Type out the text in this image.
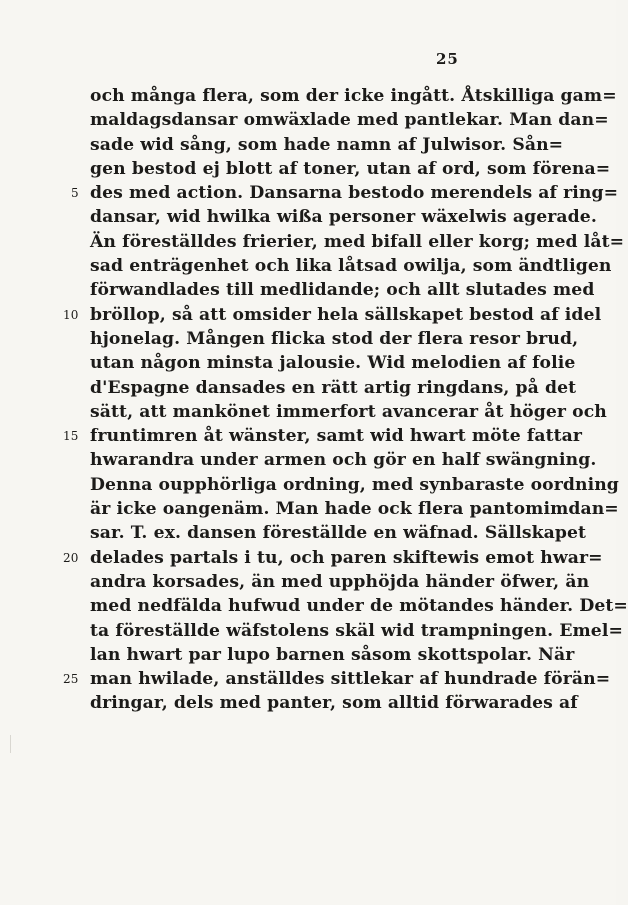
25
och många flera, som der icke ingått. Åtskilliga gam=
maldagsdansar omwäxlade med pantlekar. Man dan=
sade wid sång, som hade namn af Julwisor. Sån=
gen bestod ej blott af toner, utan af ord, som förena=
5 des med action. Dansarna bestodo merendels af ring=
dansar, wid hwilka wißa personer wäxelwis agerade.
Än föreställdes frierier, med bifall eller korg; med låt=
sad enträgenhet och lika låtsad owilja, som ändtligen
förwandlades till medlidande; och allt slutades med
10 bröllop, så att omsider hela sällskapet bestod af idel
hjonelag. Mången flicka stod der flera resor brud,
utan någon minsta jalousie. Wid melodien af folie
d'Espagne dansades en rätt artig ringdans, på det
sätt, att mankönet immerfort avancerar åt höger och
15 fruntimren åt wänster, samt wid hwart möte fattar
hwarandra under armen och gör en half swängning.
Denna oupphörliga ordning, med synbaraste oordning
är icke oangenäm. Man hade ock flera pantomimdan=
sar. T. ex. dansen föreställde en wäfnad. Sällskapet
20 delades partals i tu, och paren skiftewis emot hwar=
andra korsades, än med upphöjda händer öfwer, än
med nedfälda hufwud under de mötandes händer. Det=
ta föreställde wäfstolens skäl wid trampningen. Emel=
lan hwart par lupo barnen såsom skottspolar. När
25 man hwilade, anställdes sittlekar af hundrade förän=
dringar, dels med panter, som alltid förwarades af
